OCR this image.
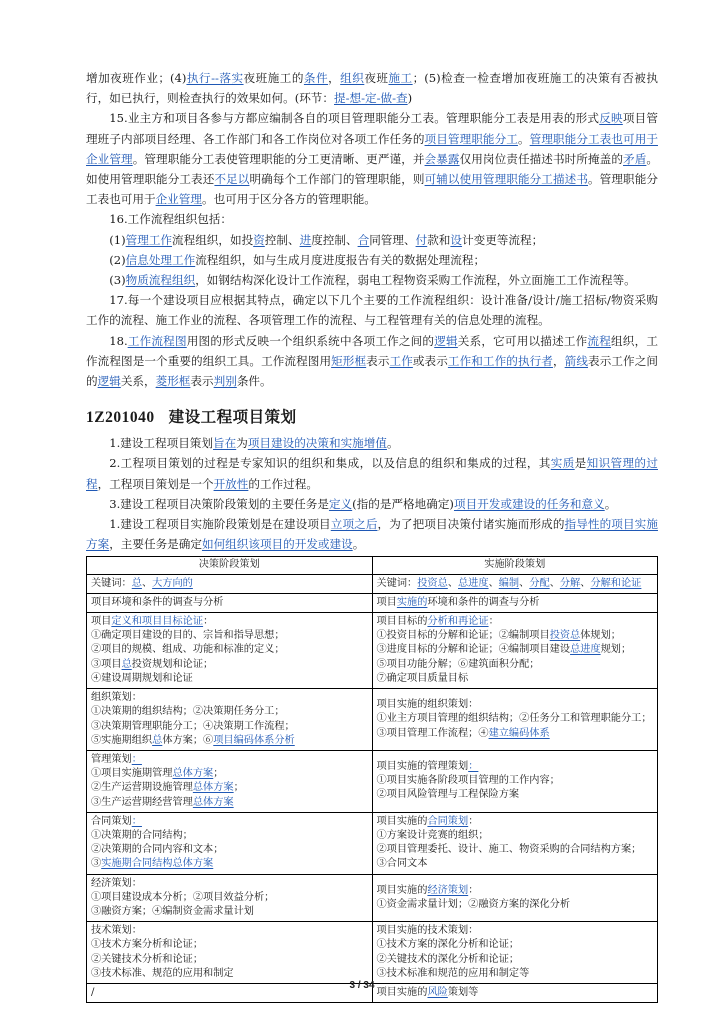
增加夜班作业；(4)执行--落实夜班施工的条件，组织夜班施工；(5)检查一检查增加夜班施工的决策有否被执行，如已执行，则检查执行的效果如何。(环节：提-想-定-做-查)

15.业主方和项目各参与方都应编制各自的项目管理职能分工表。管理职能分工表是用表的形式反映项目管理班子内部项目经理、各工作部门和各工作岗位对各项工作任务的项目管理职能分工。管理职能分工表也可用于企业管理。管理职能分工表使管理职能的分工更清晰、更严谨，并会暴露仅用岗位责任描述书时所掩盖的矛盾。如使用管理职能分工表还不足以明确每个工作部门的管理职能，则可辅以使用管理职能分工描述书。管理职能分工表也可用于企业管理。也可用于区分各方的管理职能。

16.工作流程组织包括：

(1)管理工作流程组织，如投资控制、进度控制、合同管理、付款和设计变更等流程；

(2)信息处理工作流程组织，如与生成月度进度报告有关的数据处理流程；

(3)物质流程组织，如钢结构深化设计工作流程，弱电工程物资采购工作流程，外立面施工工作流程等。

17.每一个建设项目应根据其特点，确定以下几个主要的工作流程组织：设计准备/设计/施工招标/物资采购工作的流程、施工作业的流程、各项管理工作的流程、与工程管理有关的信息处理的流程。

18.工作流程图用图的形式反映一个组织系统中各项工作之间的逻辑关系，它可用以描述工作流程组织，工作流程图是一个重要的组织工具。工作流程图用矩形框表示工作或表示工作和工作的执行者，箭线表示工作之间的逻辑关系，菱形框表示判别条件。

1Z201040 建设工程项目策划

1.建设工程项目策划旨在为项目建设的决策和实施增值。

2.工程项目策划的过程是专家知识的组织和集成，以及信息的组织和集成的过程，其实质是知识管理的过程，工程项目策划是一个开放性的工作过程。

3.建设工程项目决策阶段策划的主要任务是定义(指的是严格地确定)项目开发或建设的任务和意义。

1.建设工程项目实施阶段策划是在建设项目立项之后，为了把项目决策付诸实施而形成的指导性的项目实施方案，主要任务是确定如何组织该项目的开发或建设。

决策阶段策划	实施阶段策划

关键词：总、大方向的	关键词：投资总、总进度、编制、分配、分解、分解和论证

项目环境和条件的调查与分析	项目实施的环境和条件的调查与分析

项目定义和项目目标论证：
①确定项目建设的目的、宗旨和指导思想；
②项目的规模、组成、功能和标准的定义；
③项目总投资规划和论证；
④建设周期规划和论证	项目目标的分析和再论证：
①投资目标的分解和论证；②编制项目投资总体规划；
③进度目标的分解和论证；④编制项目建设总进度规划；
⑤项目功能分解；⑥建筑面积分配；
⑦确定项目质量目标

组织策划：
①决策期的组织结构；②决策期任务分工；
③决策期管理职能分工；④决策期工作流程；
⑤实施期组织总体方案；⑥项目编码体系分析	项目实施的组织策划：
①业主方项目管理的组织结构；②任务分工和管理职能分工；
③项目管理工作流程；④建立编码体系

管理策划：
①项目实施期管理总体方案；
②生产运营期设施管理总体方案；
③生产运营期经营管理总体方案	项目实施的管理策划：
①项目实施各阶段项目管理的工作内容；
②项目风险管理与工程保险方案

合同策划：
①决策期的合同结构；
②决策期的合同内容和文本；
③实施期合同结构总体方案	项目实施的合同策划：
①方案设计竞赛的组织；
②项目管理委托、设计、施工、物资采购的合同结构方案；
③合同文本

经济策划：
①项目建设成本分析；②项目效益分析；
③融资方案；④编制资金需求量计划	项目实施的经济策划：
①资金需求量计划；②融资方案的深化分析

技术策划：
①技术方案分析和论证；
②关键技术分析和论证；
③技术标准、规范的应用和制定	项目实施的技术策划：
①技术方案的深化分析和论证；
②关键技术的深化分析和论证；
③技术标准和规范的应用和制定等

/	项目实施的风险策划等
3 / 34
